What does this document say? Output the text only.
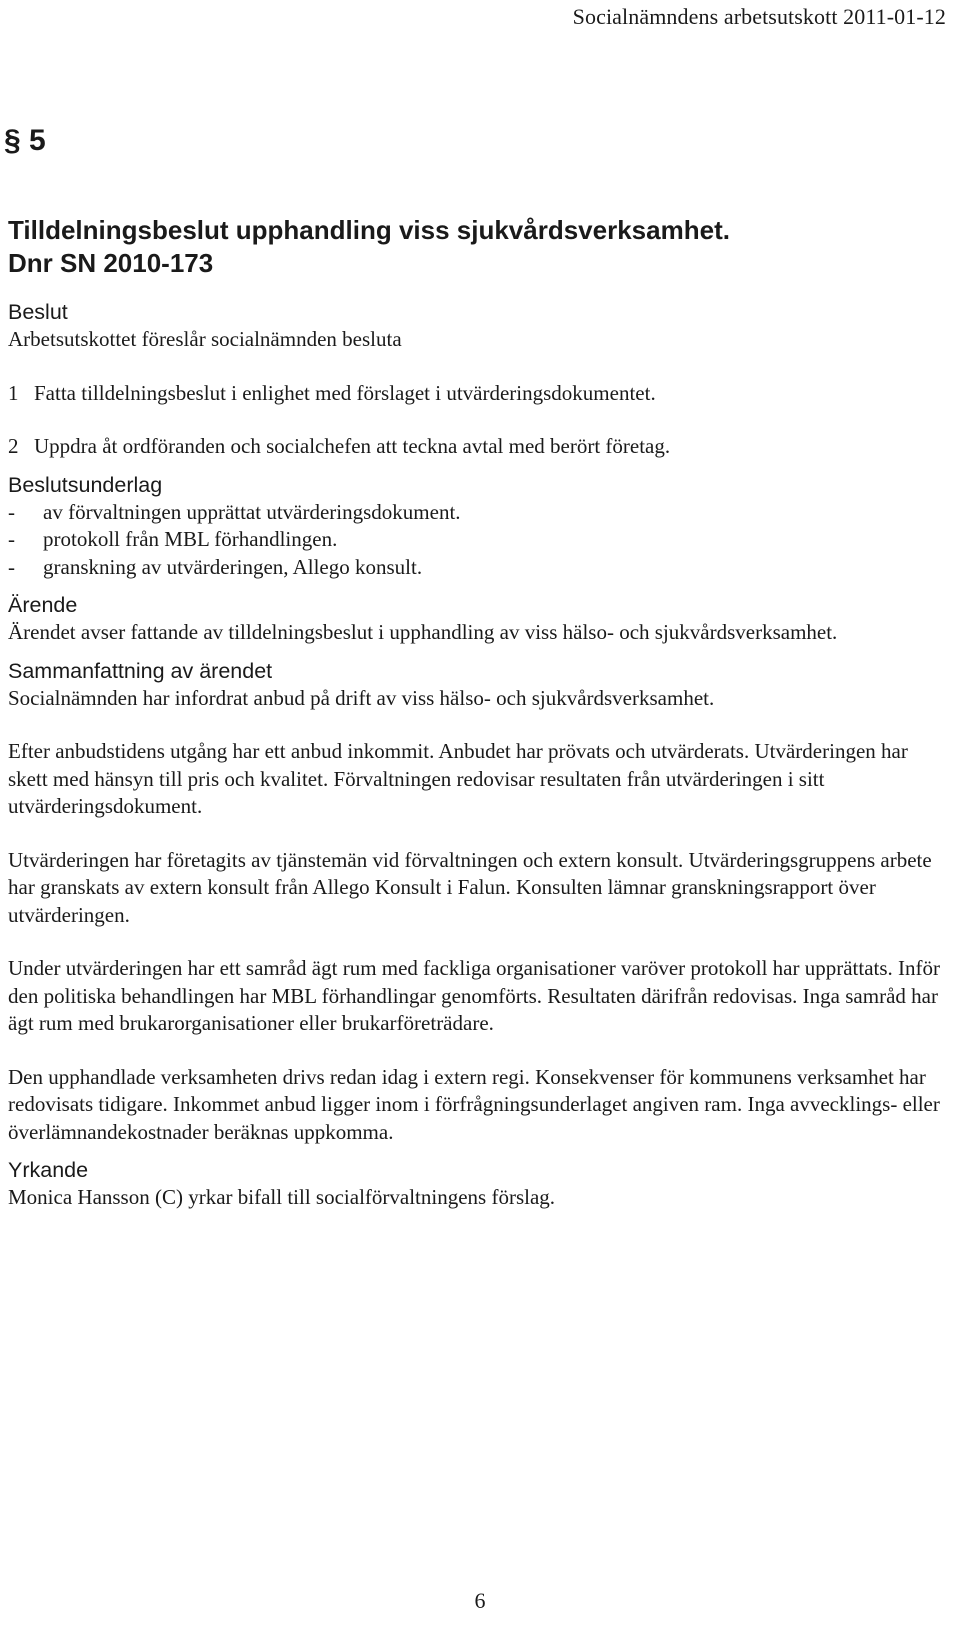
Socialnämndens arbetsutskott 2011-01-12
§ 5

Tilldelningsbeslut upphandling viss sjukvårdsverksamhet.

Dnr SN 2010-173

Beslut

Arbetsutskottet föreslår socialnämnden besluta

1 Fatta tilldelningsbeslut i enlighet med förslaget i utvärderingsdokumentet.
2 Uppdra åt ordföranden och socialchefen att teckna avtal med berört företag.

Beslutsunderlag

-	av förvaltningen upprättat utvärderingsdokument.
-	protokoll från MBL förhandlingen.
-	granskning av utvärderingen, Allego konsult.

Ärende

Ärendet avser fattande av tilldelningsbeslut i upphandling av viss hälso- och sjukvårdsverksamhet.

Sammanfattning av ärendet

Socialnämnden har infordrat anbud på drift av viss hälso- och sjukvårdsverksamhet.

Efter anbudstidens utgång har ett anbud inkommit. Anbudet har prövats och utvärderats. Utvärderingen har skett med hänsyn till pris och kvalitet. Förvaltningen redovisar resultaten från utvärderingen i sitt utvärderingsdokument.

Utvärderingen har företagits av tjänstemän vid förvaltningen och extern konsult. Utvärderingsgruppens arbete har granskats av extern konsult från Allego Konsult i Falun. Konsulten lämnar granskningsrapport över utvärderingen.

Under utvärderingen har ett samråd ägt rum med fackliga organisationer varöver protokoll har upprättats. Inför den politiska behandlingen har MBL förhandlingar genomförts. Resultaten därifrån redovisas. Inga samråd har ägt rum med brukarorganisationer eller brukarföreträdare.

Den upphandlade verksamheten drivs redan idag i extern regi. Konsekvenser för kommunens verksamhet har redovisats tidigare. Inkommet anbud ligger inom i förfrågningsunderlaget angiven ram. Inga avvecklings- eller överlämnandekostnader beräknas uppkomma.

Yrkande

Monica Hansson (C) yrkar bifall till socialförvaltningens förslag.

6
